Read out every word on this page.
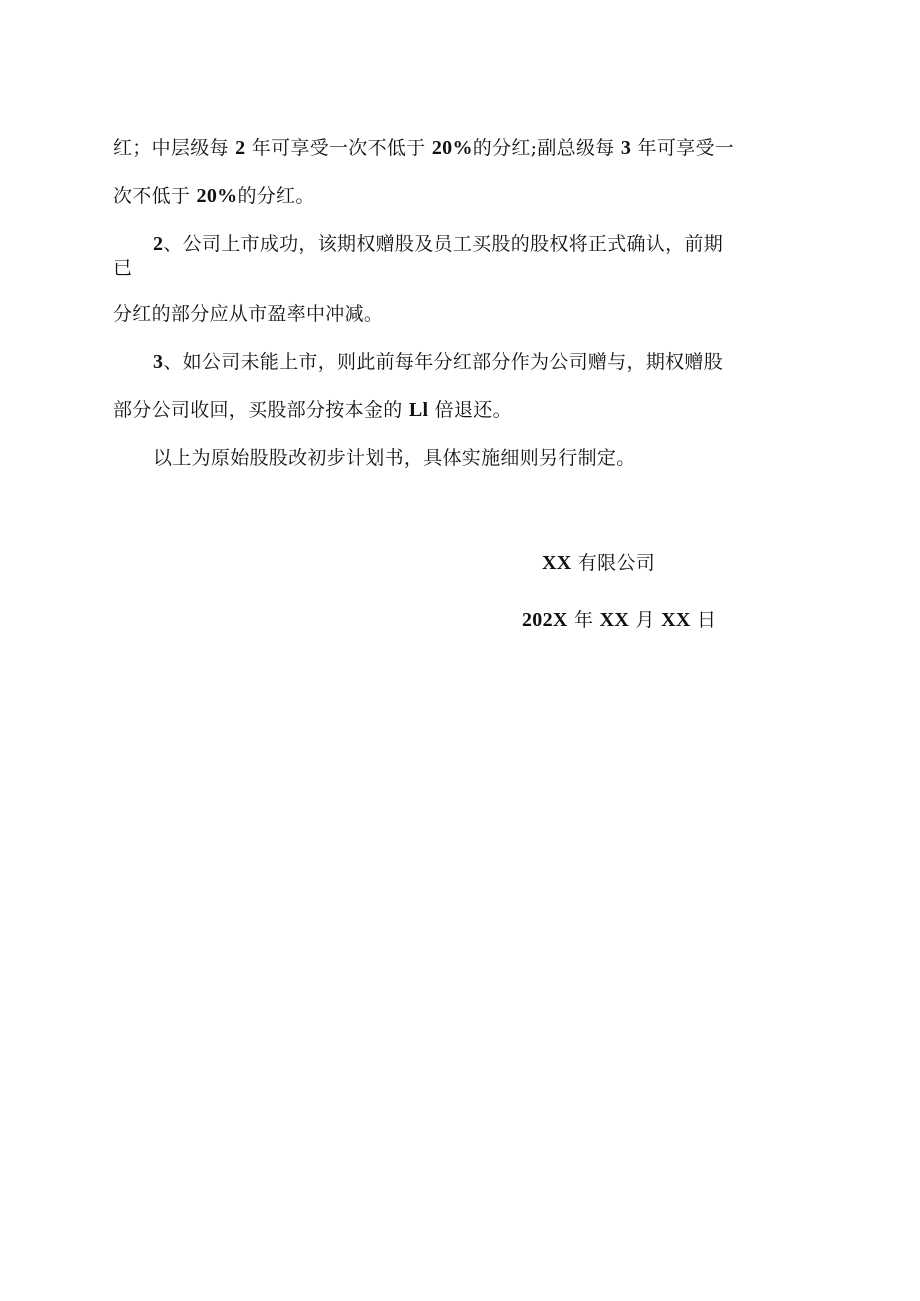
红；中层级每 2 年可享受一次不低于 20%的分红;副总级每 3 年可享受一
次不低于 20%的分红。
2、公司上市成功，该期权赠股及员工买股的股权将正式确认，前期
已
分红的部分应从市盈率中冲减。
3、如公司未能上市，则此前每年分红部分作为公司赠与，期权赠股
部分公司收回，买股部分按本金的 Ll 倍退还。
以上为原始股股改初步计划书，具体实施细则另行制定。
XX 有限公司
202X 年 XX 月 XX 日
